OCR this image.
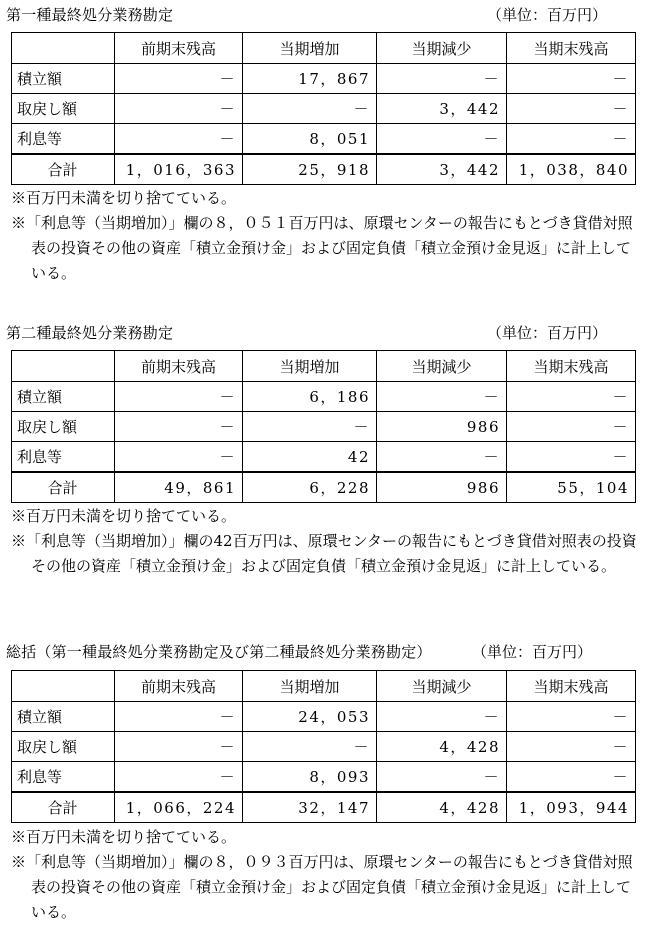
第一種最終処分業務勘定	（単位：百万円）
	前期末残高	当期増加	当期減少	当期末残高
積立額	－	17，867	－	－
取戻し額	－	－	3，442	－
利息等	－	8，051	－	－
合計	1，016，363	25，918	3，442	1，038，840

※百万円未満を切り捨てている。

※「利息等（当期増加）」欄の８，０５１百万円は、原環センターの報告にもとづき貸借対照表の投資その他の資産「積立金預け金」および固定負債「積立金預け金見返」に計上している。

第二種最終処分業務勘定	（単位：百万円）
	前期末残高	当期増加	当期減少	当期末残高
積立額	－	6，186	－	－
取戻し額	－	－	986	－
利息等	－	42	－	－
合計	49，861	6，228	986	55，104

※百万円未満を切り捨てている。

※「利息等（当期増加）」欄の42百万円は、原環センターの報告にもとづき貸借対照表の投資その他の資産「積立金預け金」および固定負債「積立金預け金見返」に計上している。

総括（第一種最終処分業務勘定及び第二種最終処分業務勘定）	（単位：百万円）
	前期末残高	当期増加	当期減少	当期末残高
積立額	－	24，053	－	－
取戻し額	－	－	4，428	－
利息等	－	8，093	－	－
合計	1，066，224	32，147	4，428	1，093，944

※百万円未満を切り捨てている。

※「利息等（当期増加）」欄の８，０９３百万円は、原環センターの報告にもとづき貸借対照表の投資その他の資産「積立金預け金」および固定負債「積立金預け金見返」に計上している。
